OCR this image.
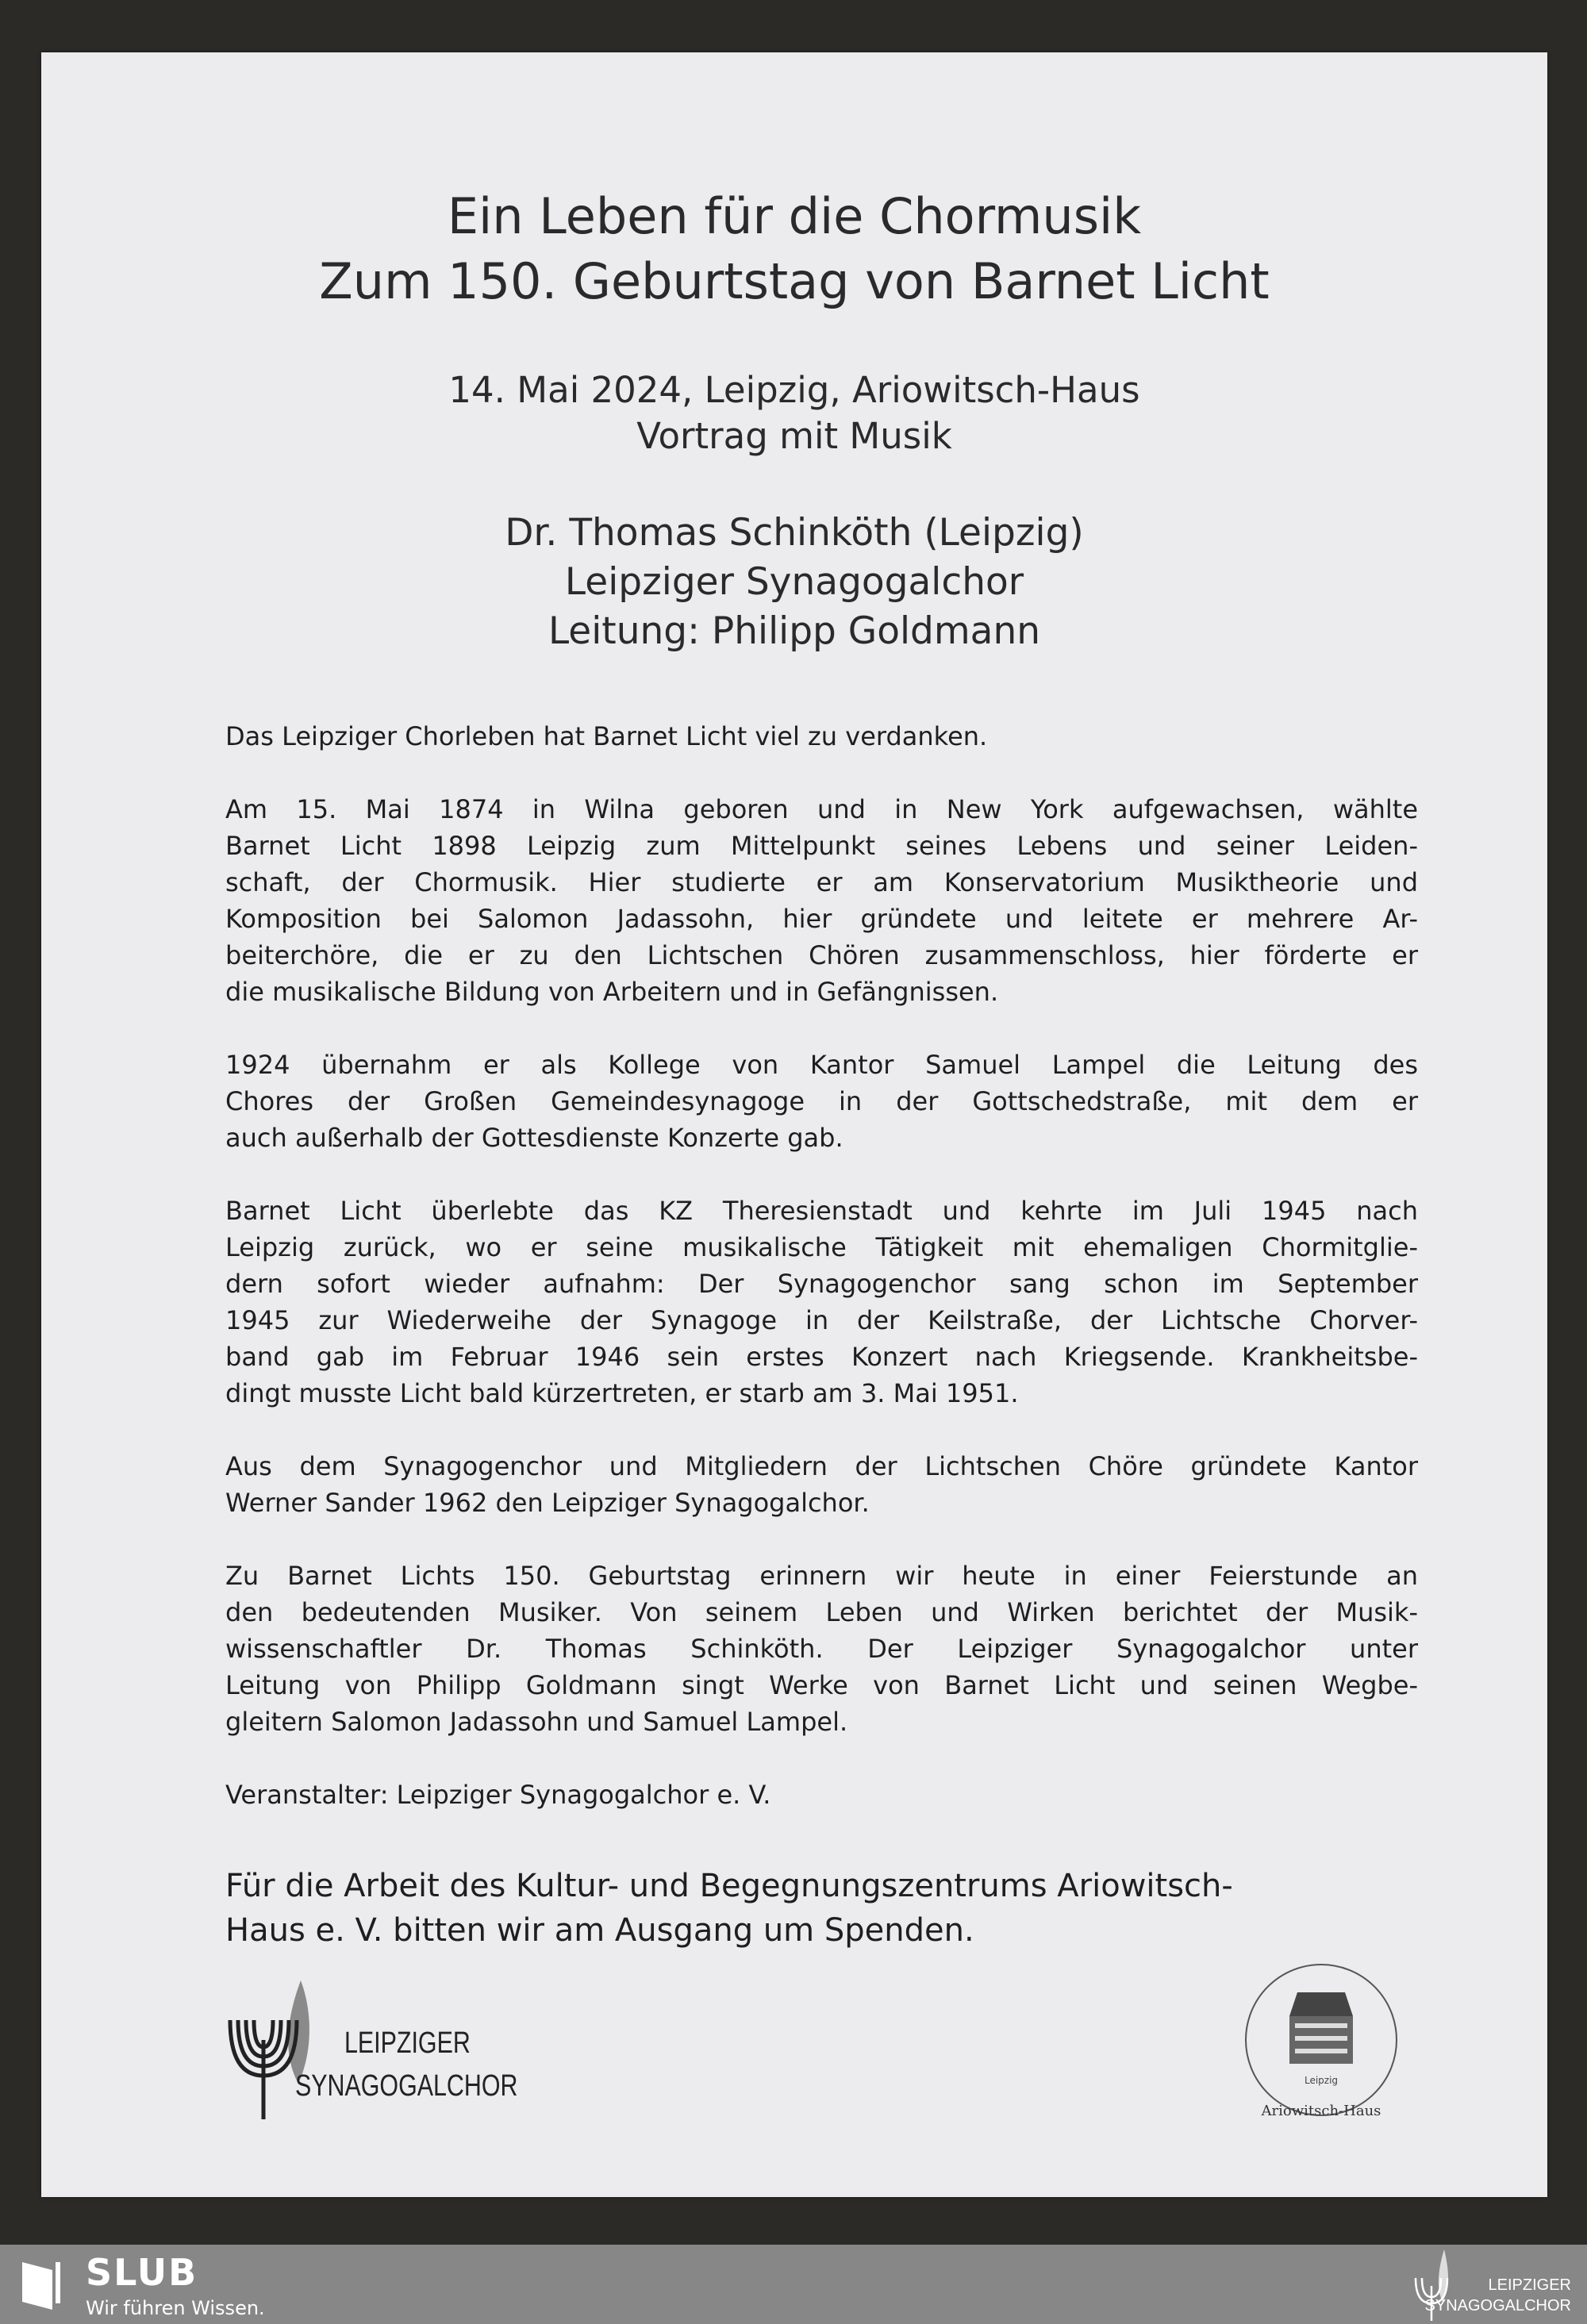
Ein Leben für die Chormusik
Zum 150. Geburtstag von Barnet Licht
14. Mai 2024, Leipzig, Ariowitsch-Haus
Vortrag mit Musik
Dr. Thomas Schinköth (Leipzig)
Leipziger Synagogalchor
Leitung: Philipp Goldmann
Das Leipziger Chorleben hat Barnet Licht viel zu verdanken.
Am 15. Mai 1874 in Wilna geboren und in New York aufgewachsen, wählte
Barnet Licht 1898 Leipzig zum Mittelpunkt seines Lebens und seiner Leiden-
schaft, der Chormusik. Hier studierte er am Konservatorium Musiktheorie und
Komposition bei Salomon Jadassohn, hier gründete und leitete er mehrere Ar-
beiterchöre, die er zu den Lichtschen Chören zusammenschloss, hier förderte er
die musikalische Bildung von Arbeitern und in Gefängnissen.
1924 übernahm er als Kollege von Kantor Samuel Lampel die Leitung des
Chores der Großen Gemeindesynagoge in der Gottschedstraße, mit dem er
auch außerhalb der Gottesdienste Konzerte gab.
Barnet Licht überlebte das KZ Theresienstadt und kehrte im Juli 1945 nach
Leipzig zurück, wo er seine musikalische Tätigkeit mit ehemaligen Chormitglie-
dern sofort wieder aufnahm: Der Synagogenchor sang schon im September
1945 zur Wiederweihe der Synagoge in der Keilstraße, der Lichtsche Chorver-
band gab im Februar 1946 sein erstes Konzert nach Kriegsende. Krankheitsbe-
dingt musste Licht bald kürzertreten, er starb am 3. Mai 1951.
Aus dem Synagogenchor und Mitgliedern der Lichtschen Chöre gründete Kantor
Werner Sander 1962 den Leipziger Synagogalchor.
Zu Barnet Lichts 150. Geburtstag erinnern wir heute in einer Feierstunde an
den bedeutenden Musiker. Von seinem Leben und Wirken berichtet der Musik-
wissenschaftler Dr. Thomas Schinköth. Der Leipziger Synagogalchor unter
Leitung von Philipp Goldmann singt Werke von Barnet Licht und seinen Wegbe-
gleitern Salomon Jadassohn und Samuel Lampel.
Veranstalter: Leipziger Synagogalchor e. V.
Für die Arbeit des Kultur- und Begegnungszentrums Ariowitsch-
Haus e. V. bitten wir am Ausgang um Spenden.
LEIPZIGER
SYNAGOGALCHOR	Leipzig
Ariowitsch-Haus
SLUB
Wir führen Wissen.
LEIPZIGER
SYNAGOGALCHOR
